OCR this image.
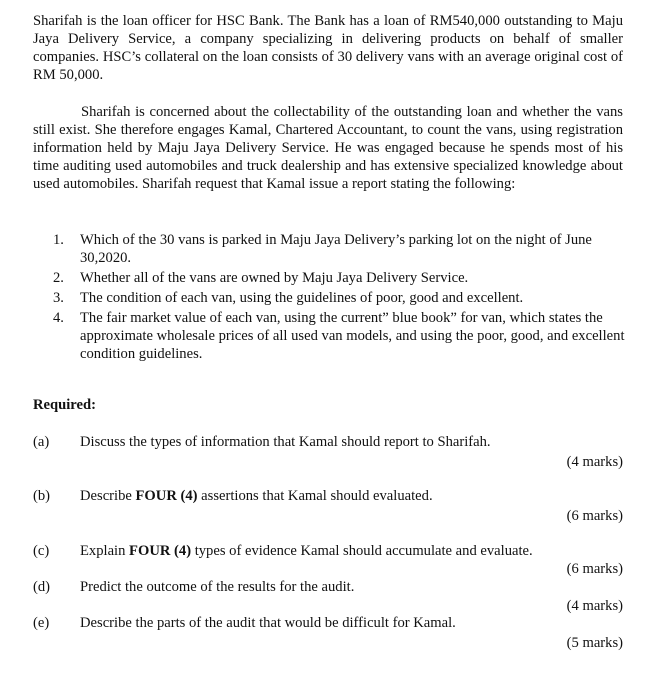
Sharifah is the loan officer for HSC Bank. The Bank has a loan of RM540,000 outstanding to Maju Jaya Delivery Service, a company specializing in delivering products on behalf of smaller companies. HSC’s collateral on the loan consists of 30 delivery vans with an average original cost of RM 50,000.

Sharifah is concerned about the collectability of the outstanding loan and whether the vans still exist. She therefore engages Kamal, Chartered Accountant, to count the vans, using registration information held by Maju Jaya Delivery Service. He was engaged because he spends most of his time auditing used automobiles and truck dealership and has extensive specialized knowledge about used automobiles. Sharifah request that Kamal issue a report stating the following:

1. Which of the 30 vans is parked in Maju Jaya Delivery’s parking lot on the night of June 30,2020.
2. Whether all of the vans are owned by Maju Jaya Delivery Service.
3. The condition of each van, using the guidelines of poor, good and excellent.
4. The fair market value of each van, using the current” blue book” for van, which states the approximate wholesale prices of all used van models, and using the poor, good, and excellent condition guidelines.

Required:

(a) Discuss the types of information that Kamal should report to Sharifah.
(4 marks)
(b) Describe FOUR (4) assertions that Kamal should evaluated.
(6 marks)
(c) Explain FOUR (4) types of evidence Kamal should accumulate and evaluate.
(6 marks)
(d) Predict the outcome of the results for the audit.
(4 marks)
(e) Describe the parts of the audit that would be difficult for Kamal.
(5 marks)
